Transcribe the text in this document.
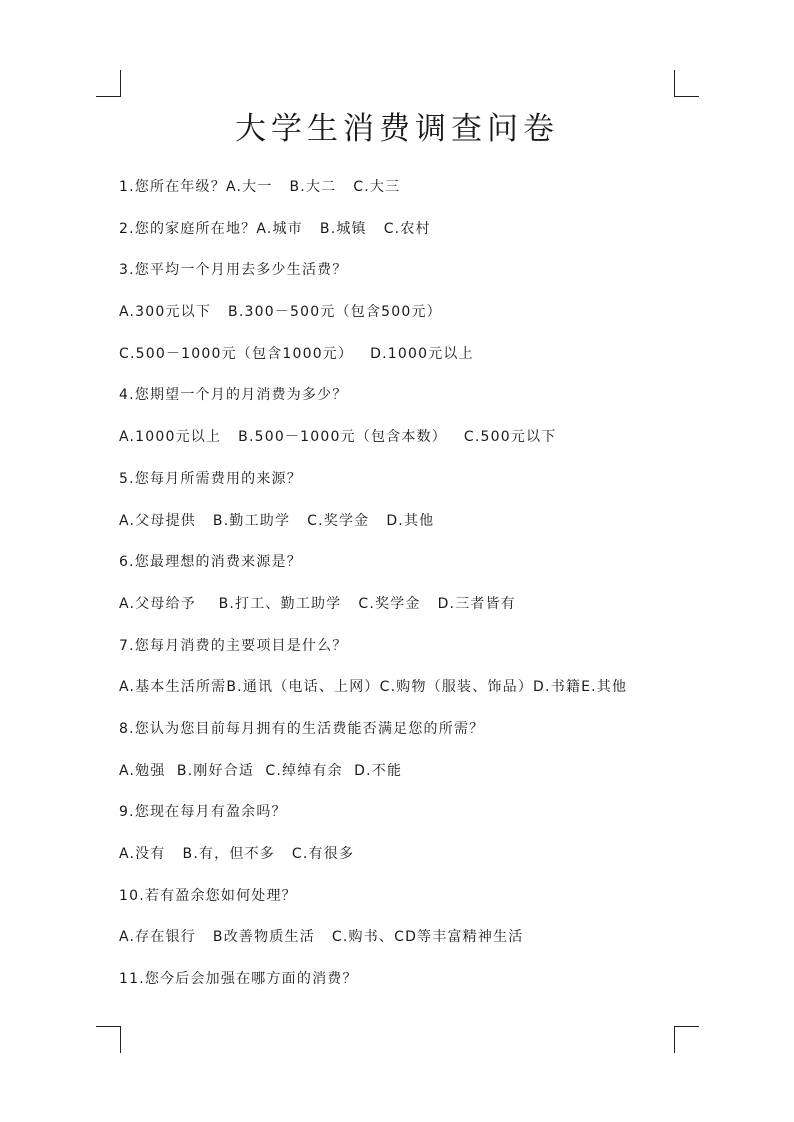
大学生消费调查问卷
1.您所在年级？A.大一   B.大二   C.大三
2.您的家庭所在地？A.城市   B.城镇   C.农村
3.您平均一个月用去多少生活费？
A.300元以下   B.300－500元（包含500元）
C.500－1000元（包含1000元）   D.1000元以上
4.您期望一个月的月消费为多少？
A.1000元以上   B.500－1000元（包含本数）   C.500元以下
5.您每月所需费用的来源？
A.父母提供   B.勤工助学   C.奖学金   D.其他
6.您最理想的消费来源是？
A.父母给予    B.打工、勤工助学   C.奖学金   D.三者皆有
7.您每月消费的主要项目是什么？
A.基本生活所需B.通讯（电话、上网）C.购物（服装、饰品）D.书籍E.其他
8.您认为您目前每月拥有的生活费能否满足您的所需？
A.勉强  B.刚好合适  C.绰绰有余  D.不能
9.您现在每月有盈余吗？
A.没有   B.有，但不多   C.有很多
10.若有盈余您如何处理？
A.存在银行   B改善物质生活   C.购书、CD等丰富精神生活
11.您今后会加强在哪方面的消费？
